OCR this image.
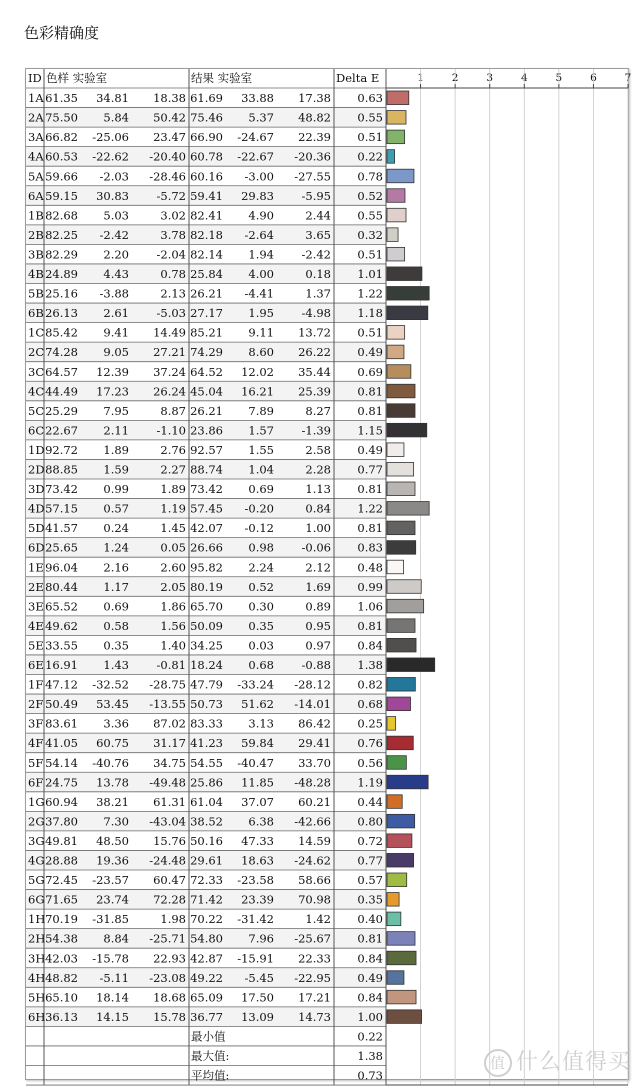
色彩精确度
ID 色样 实验室	结果 实验室	Delta E	1	2	3	4	5	6	7
1A 61.35 34.81 18.38 61.69 33.88 17.38 0.63
2A 75.50 5.84 50.42 75.46 5.37 48.82 0.55
3A 66.82 -25.06 23.47 66.90 -24.67 22.39 0.51
4A 60.53 -22.62 -20.40 60.78 -22.67 -20.36 0.22
5A 59.66 -2.03 -28.46 60.16 -3.00 -27.55 0.78
6A 59.15 30.83 -5.72 59.41 29.83 -5.95 0.52
1B 82.68 5.03	3.02 82.41 4.90	2.44 0.55
2B 82.25 -2.42	3.78 82.18 -2.64	3.65 0.32
3B 82.29 2.20 -2.04 82.14 1.94 -2.42 0.51
4B 24.89 4.43	0.78 25.84 4.00	0.18 1.01
5B 25.16 -3.88	2.13 26.21 -4.41	1.37 1.22
6B 26.13 2.61 -5.03 27.17 1.95 -4.98 1.18
1C 85.42 9.41 14.49 85.21 9.11 13.72 0.51
2C 74.28 9.05 27.21 74.29 8.60 26.22 0.49
3C 64.57 12.39 37.24 64.52 12.02 35.44 0.69
4C 44.49 17.23 26.24 45.04 16.21 25.39 0.81
5C 25.29 7.95	8.87 26.21 7.89	8.27 0.81
6C 22.67 2.11 -1.10 23.86 1.57 -1.39 1.15
1D 92.72 1.89	2.76 92.57 1.55	2.58 0.49
2D 88.85 1.59	2.27 88.74 1.04	2.28 0.77
3D 73.42 0.99	1.89 73.42 0.69	1.13 0.81
4D 57.15 0.57	1.19 57.45 -0.20	0.84 1.22
5D 41.57 0.24	1.45 42.07 -0.12	1.00 0.81
6D 25.65 1.24	0.05 26.66 0.98 -0.06 0.83
1E 96.04 2.16	2.60 95.82 2.24	2.12 0.48
2E 80.44 1.17	2.05 80.19 0.52	1.69 0.99
3E 65.52 0.69	1.86 65.70 0.30	0.89 1.06
4E 49.62 0.58	1.56 50.09 0.35	0.95 0.81
5E 33.55 0.35	1.40 34.25 0.03	0.97 0.84
6E 16.91 1.43 -0.81 18.24 0.68 -0.88 1.38
1F 47.12 -32.52 -28.75 47.79 -33.24 -28.12 0.82
2F 50.49 53.45 -13.55 50.73 51.62 -14.01 0.68
3F 83.61 3.36 87.02 83.33 3.13 86.42 0.25
4F 41.05 60.75 31.17 41.23 59.84 29.41 0.76
5F 54.14 -40.76 34.75 54.55 -40.47 33.70 0.56
6F 24.75 13.78 -49.48 25.86 11.85 -48.28 1.19
1G 60.94 38.21 61.31 61.04 37.07 60.21 0.44
2G 37.80 7.30 -43.04 38.52 6.38 -42.66 0.80
3G 49.81 48.50 15.76 50.16 47.33 14.59 0.72
4G 28.88 19.36 -24.48 29.61 18.63 -24.62 0.77
5G 72.45 -23.57 60.47 72.33 -23.58 58.66 0.57
6G 71.65 23.74 72.28 71.42 23.39 70.98 0.35
1H 70.19 -31.85	1.98 70.22 -31.42	1.42 0.40
2H 54.38 8.84 -25.71 54.80 7.96 -25.67 0.81
3H 42.03 -15.78 22.93 42.87 -15.91 22.33 0.84
4H 48.82 -5.11 -23.08 49.22 -5.45 -22.95 0.49
5H 65.10 18.14 18.68 65.09 17.50 17.21 0.84
6H 36.13 14.15 15.78 36.77 13.09 14.73 1.00
最小值	0.22
最大值:	1.38
平均值:	0.73
值 什么值得买
